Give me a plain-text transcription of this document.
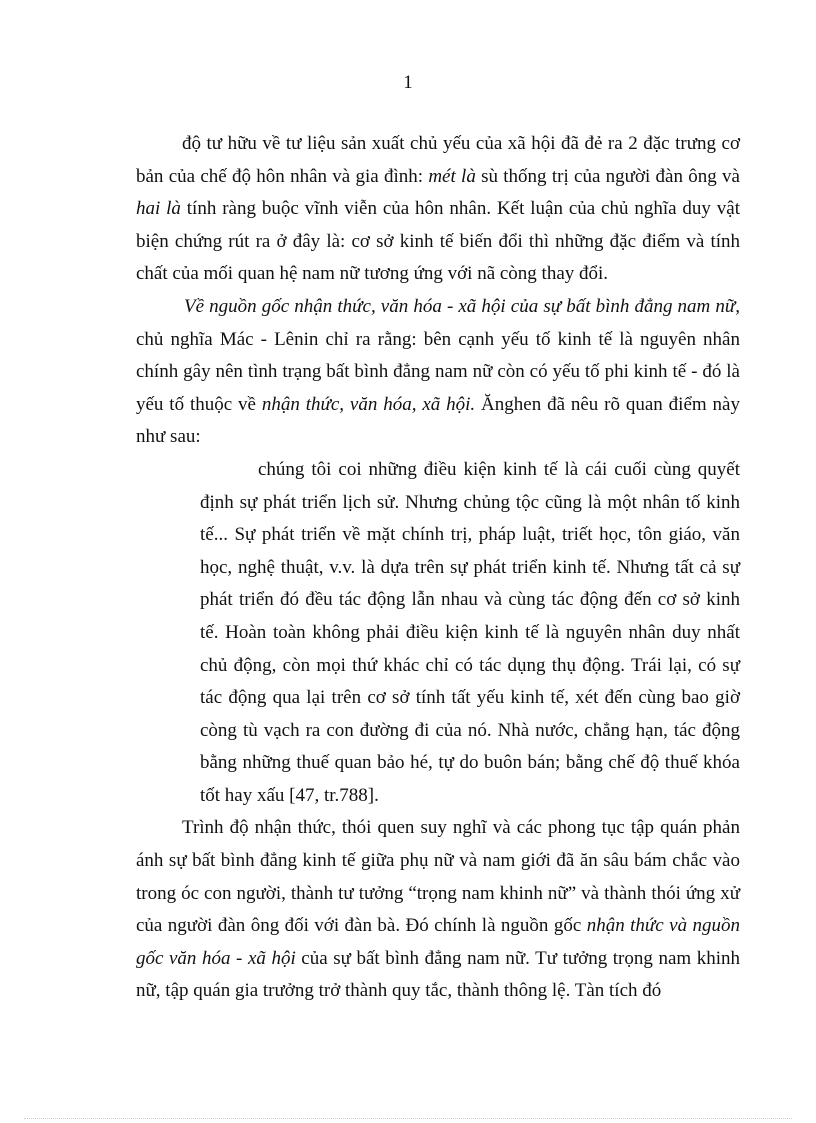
1

độ tư hữu về tư liệu sản xuất chủ yếu của xã hội đã đẻ ra 2 đặc trưng cơ bản của chế độ hôn nhân và gia đình: mét là sù thống trị của người đàn ông và hai là tính ràng buộc vĩnh viễn của hôn nhân. Kết luận của chủ nghĩa duy vật biện chứng rút ra ở đây là: cơ sở kinh tế biến đổi thì những đặc điểm và tính chất của mối quan hệ nam nữ tương ứng với nã còng thay đổi.

Về nguồn gốc nhận thức, văn hóa - xã hội của sự bất bình đẳng nam nữ, chủ nghĩa Mác - Lênin chỉ ra rằng: bên cạnh yếu tố kinh tế là nguyên nhân chính gây nên tình trạng bất bình đẳng nam nữ còn có yếu tố phi kinh tế - đó là yếu tố thuộc về nhận thức, văn hóa, xã hội. Ănghen đã nêu rõ quan điểm này như sau:

chúng tôi coi những điều kiện kinh tế là cái cuối cùng quyết định sự phát triển lịch sử. Nhưng chủng tộc cũng là một nhân tố kinh tế... Sự phát triển về mặt chính trị, pháp luật, triết học, tôn giáo, văn học, nghệ thuật, v.v. là dựa trên sự phát triển kinh tế. Nhưng tất cả sự phát triển đó đều tác động lẫn nhau và cùng tác động đến cơ sở kinh tế. Hoàn toàn không phải điều kiện kinh tế là nguyên nhân duy nhất chủ động, còn mọi thứ khác chỉ có tác dụng thụ động. Trái lại, có sự tác động qua lại trên cơ sở tính tất yếu kinh tế, xét đến cùng bao giờ còng tù vạch ra con đường đi của nó. Nhà nước, chẳng hạn, tác động bằng những thuế quan bảo hé, tự do buôn bán; bằng chế độ thuế khóa tốt hay xấu [47, tr.788].

Trình độ nhận thức, thói quen suy nghĩ và các phong tục tập quán phản ánh sự bất bình đẳng kinh tế giữa phụ nữ và nam giới đã ăn sâu bám chắc vào trong óc con người, thành tư tưởng “trọng nam khinh nữ” và thành thói ứng xử của người đàn ông đối với đàn bà. Đó chính là nguồn gốc nhận thức và nguồn gốc văn hóa - xã hội của sự bất bình đẳng nam nữ. Tư tưởng trọng nam khinh nữ, tập quán gia trưởng trở thành quy tắc, thành thông lệ. Tàn tích đó
